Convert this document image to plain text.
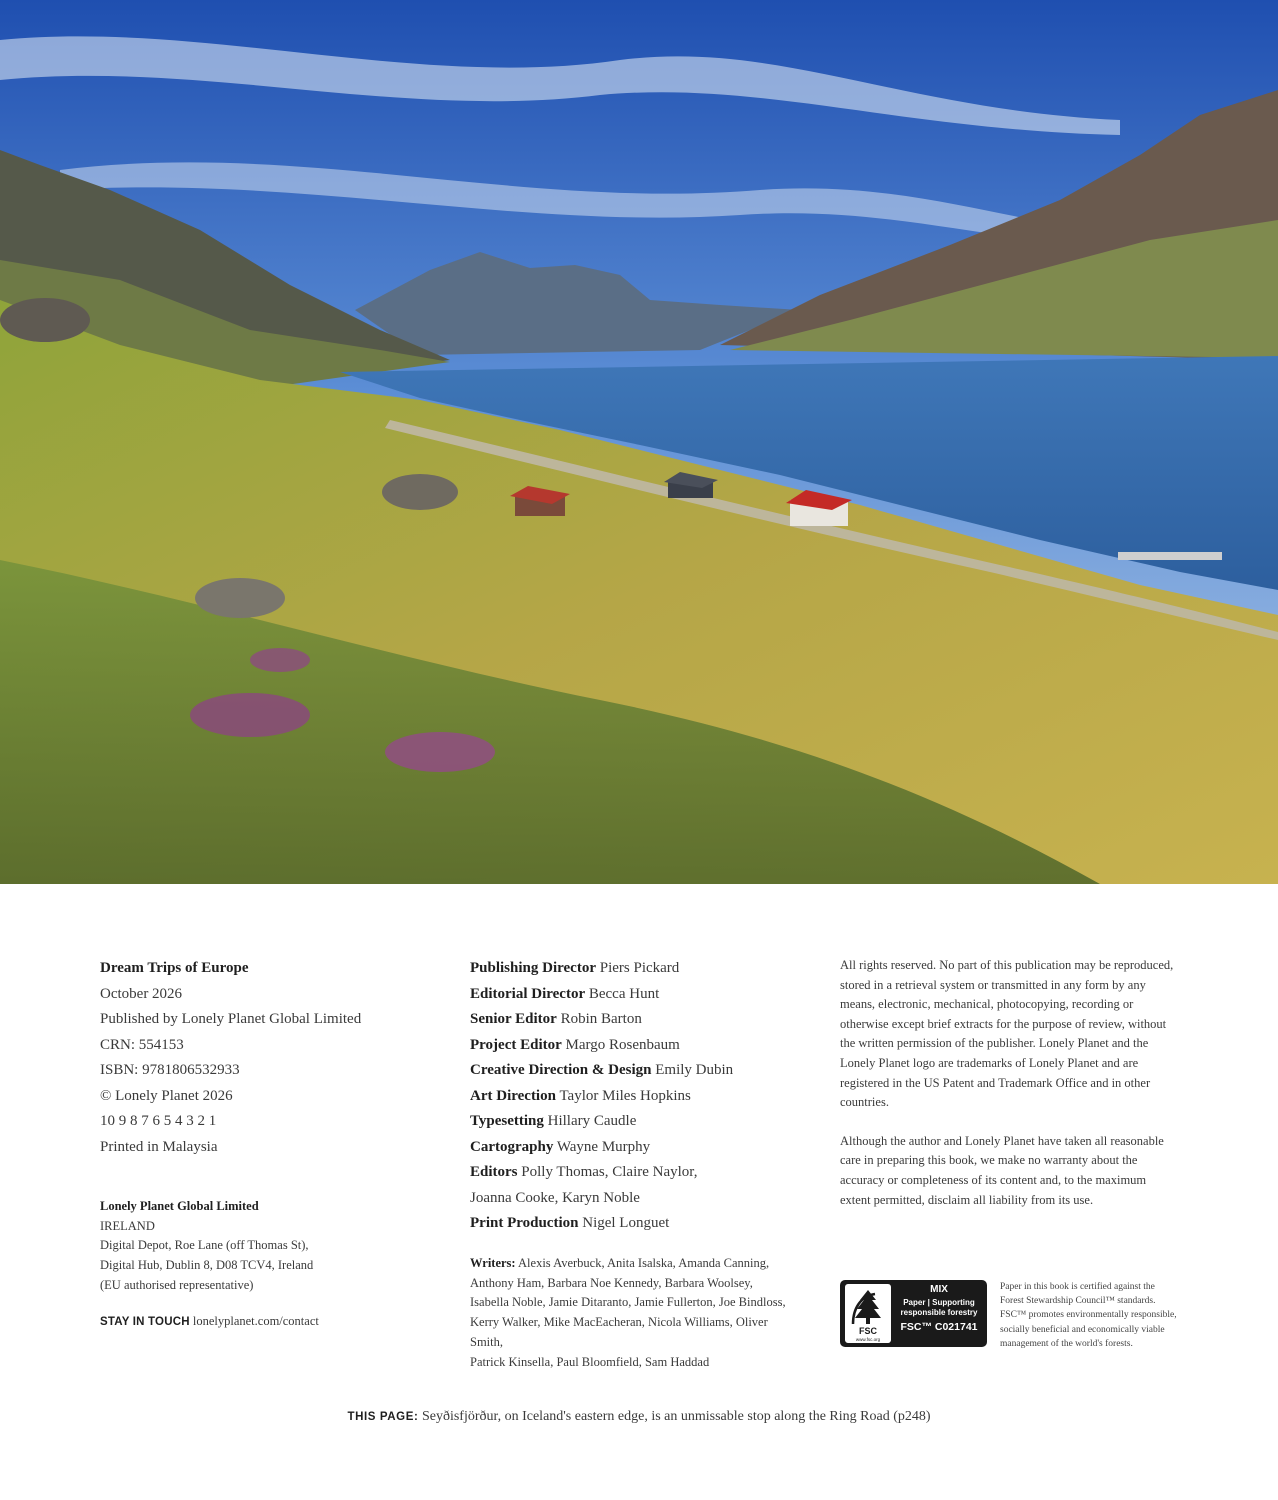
Dream Trips of Europe
October 2026
Published by Lonely Planet Global Limited
CRN: 554153
ISBN: 9781806532933
© Lonely Planet 2026
10 9 8 7 6 5 4 3 2 1
Printed in Malaysia
Lonely Planet Global Limited
IRELAND
Digital Depot, Roe Lane (off Thomas St),
Digital Hub, Dublin 8, D08 TCV4, Ireland
(EU authorised representative)
STAY IN TOUCH lonelyplanet.com/contact
Publishing Director Piers Pickard
Editorial Director Becca Hunt
Senior Editor Robin Barton
Project Editor Margo Rosenbaum
Creative Direction & Design Emily Dubin
Art Direction Taylor Miles Hopkins
Typesetting Hillary Caudle
Cartography Wayne Murphy
Editors Polly Thomas, Claire Naylor,
Joanna Cooke, Karyn Noble
Print Production Nigel Longuet
Writers: Alexis Averbuck, Anita Isalska, Amanda Canning,
Anthony Ham, Barbara Noe Kennedy, Barbara Woolsey,
Isabella Noble, Jamie Ditaranto, Jamie Fullerton, Joe Bindloss,
Kerry Walker, Mike MacEacheran, Nicola Williams, Oliver Smith,
Patrick Kinsella, Paul Bloomfield, Sam Haddad
All rights reserved. No part of this publication may be reproduced,
stored in a retrieval system or transmitted in any form by any
means, electronic, mechanical, photocopying, recording or
otherwise except brief extracts for the purpose of review, without
the written permission of the publisher. Lonely Planet and the
Lonely Planet logo are trademarks of Lonely Planet and are
registered in the US Patent and Trademark Office and in other
countries.
Although the author and Lonely Planet have taken all reasonable
care in preparing this book, we make no warranty about the
accuracy or completeness of its content and, to the maximum
extent permitted, disclaim all liability from its use.
FSC
www.fsc.org
MIX
Paper | Supporting
responsible forestry
FSC™ C021741
Paper in this book is certified against the
Forest Stewardship Council™ standards.
FSC™ promotes environmentally responsible,
socially beneficial and economically viable
management of the world's forests.
THIS PAGE: Seyðisfjörður, on Iceland's eastern edge, is an unmissable stop along the Ring Road (p248)
